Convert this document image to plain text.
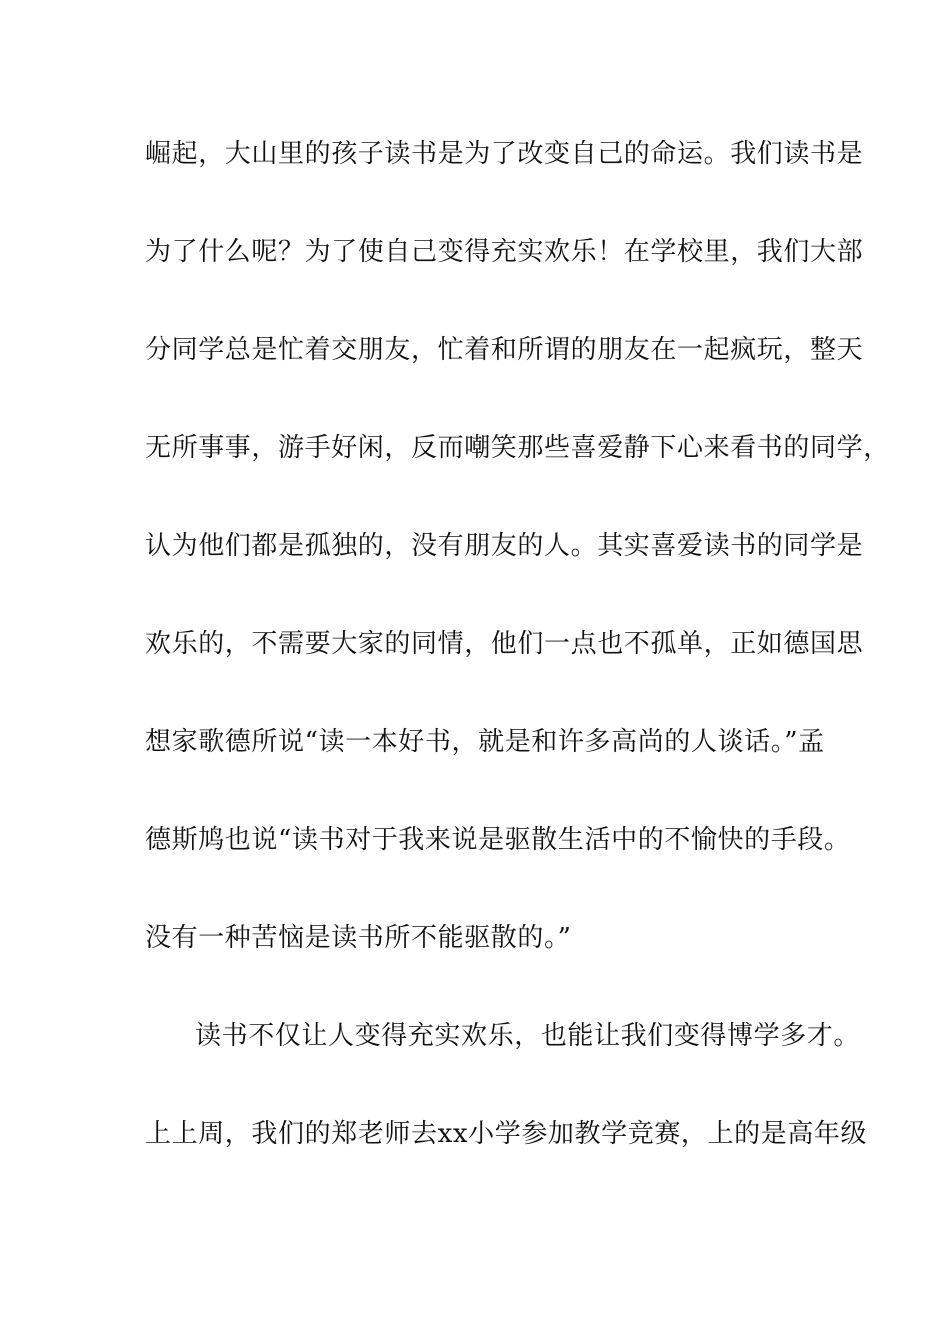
崛起，大山里的孩子读书是为了改变自己的命运。我们读书是
为了什么呢？为了使自己变得充实欢乐！在学校里，我们大部
分同学总是忙着交朋友，忙着和所谓的朋友在一起疯玩，整天
无所事事，游手好闲，反而嘲笑那些喜爱静下心来看书的同学，
认为他们都是孤独的，没有朋友的人。其实喜爱读书的同学是
欢乐的，不需要大家的同情，他们一点也不孤单，正如德国思
想家歌德所说“读一本好书，就是和许多高尚的人谈话。”孟
德斯鸠也说“读书对于我来说是驱散生活中的不愉快的手段。
没有一种苦恼是读书所不能驱散的。”
读书不仅让人变得充实欢乐，也能让我们变得博学多才。
上上周，我们的郑老师去xx小学参加教学竞赛，上的是高年级
